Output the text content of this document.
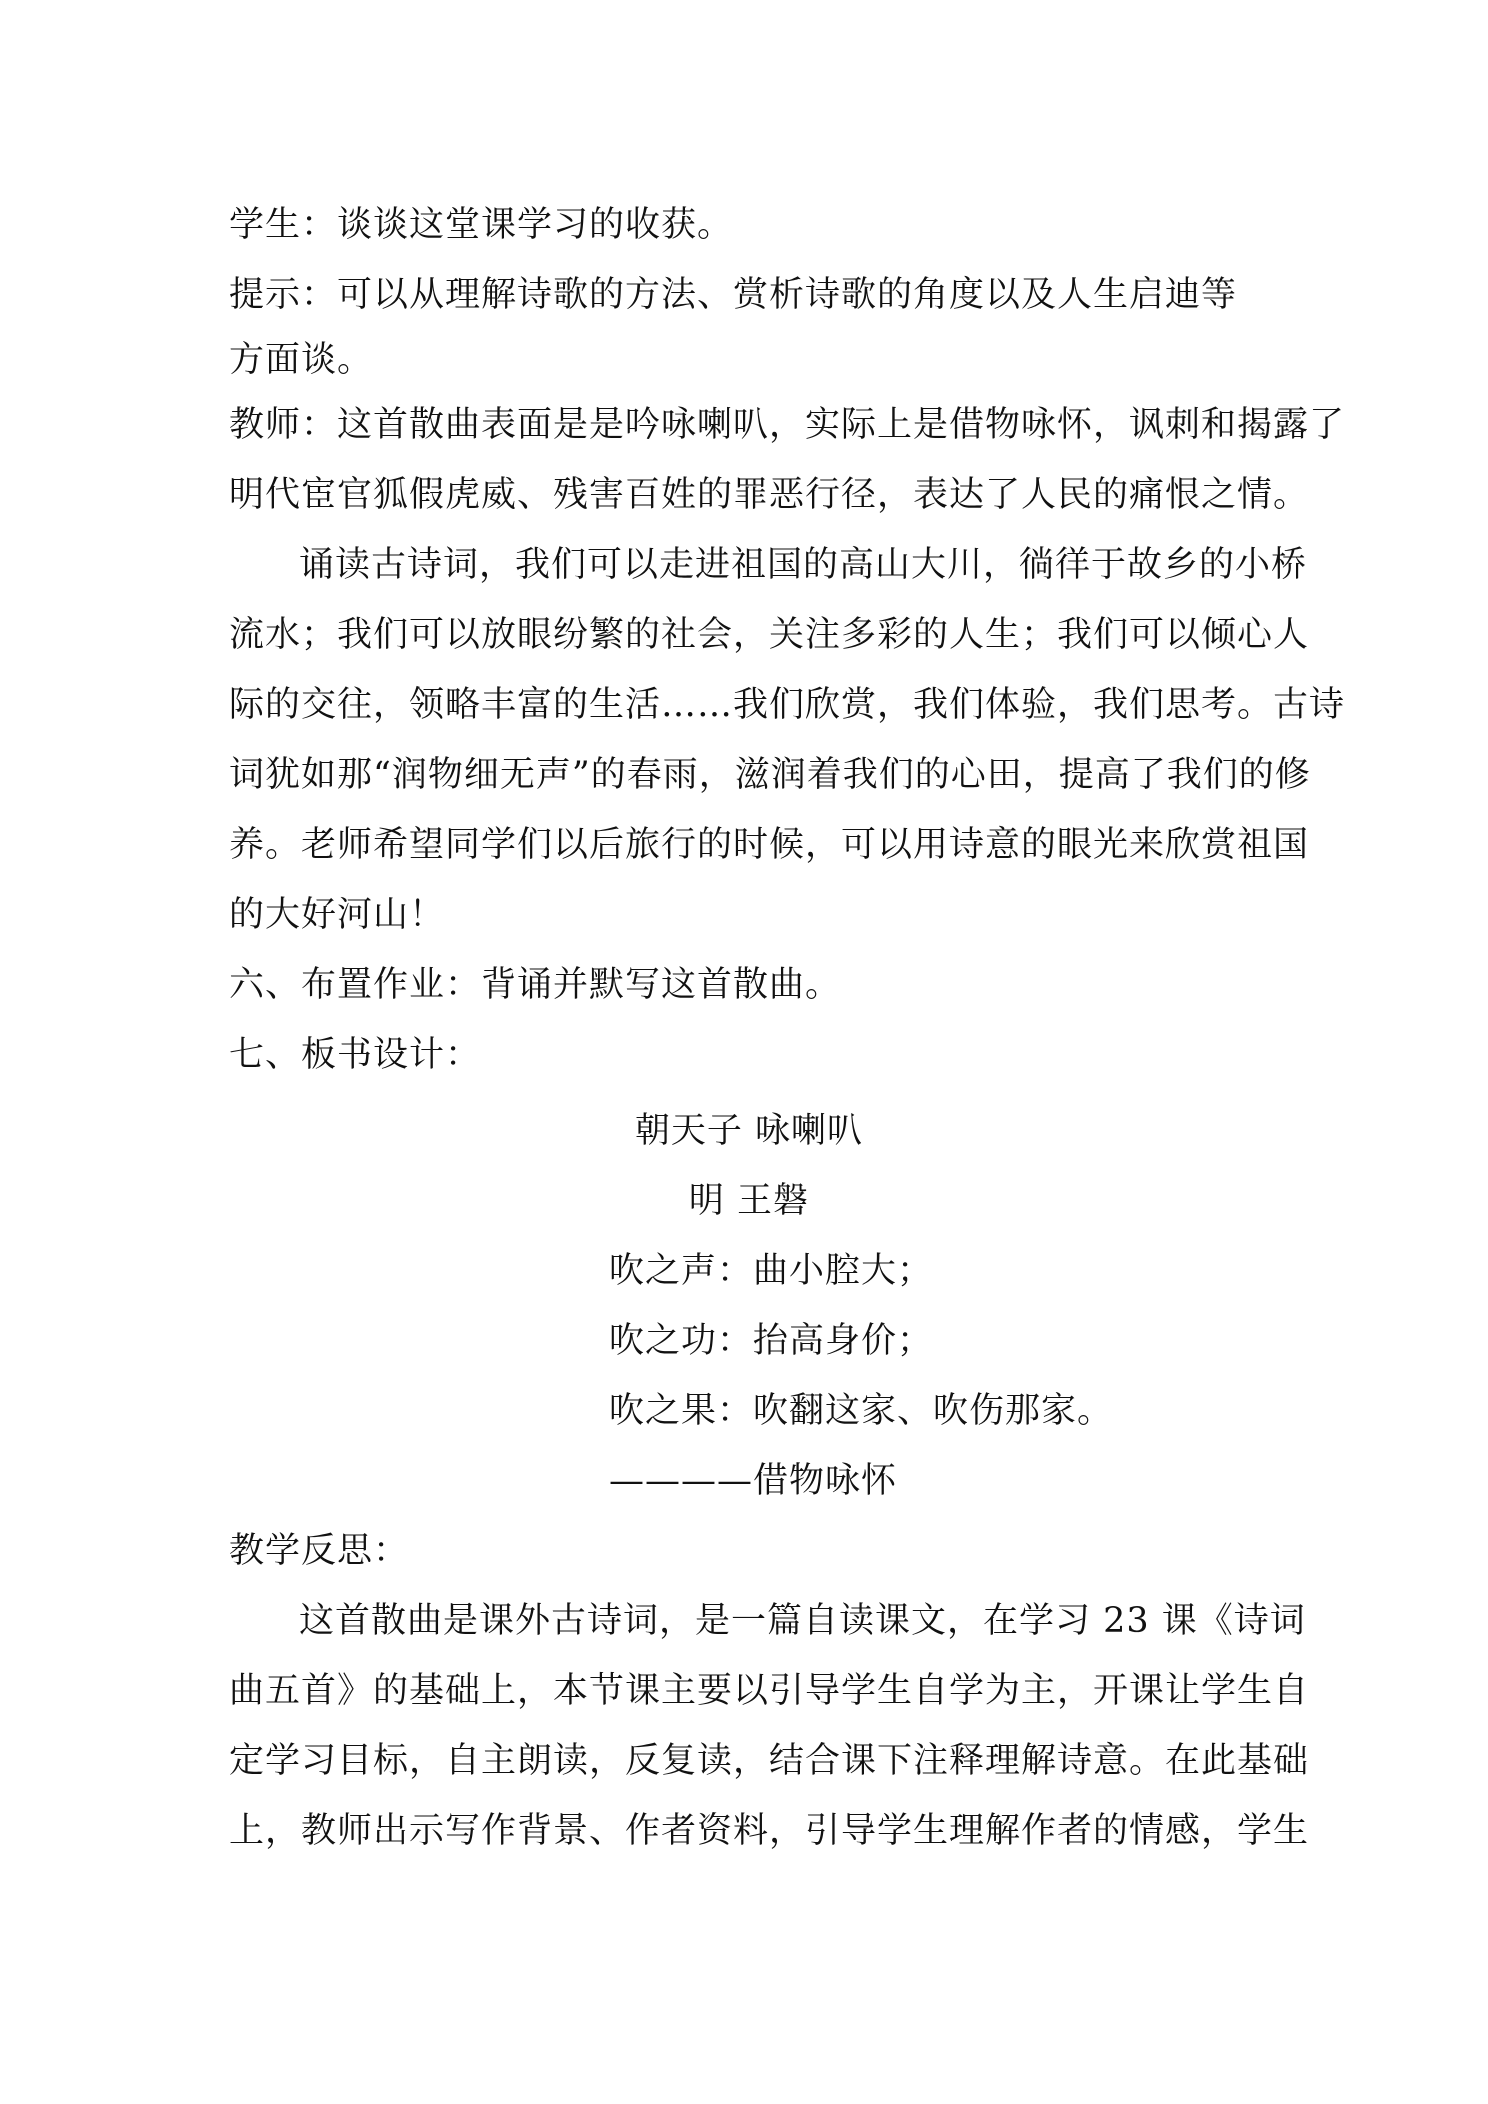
学生：谈谈这堂课学习的收获。
提示：可以从理解诗歌的方法、赏析诗歌的角度以及人生启迪等
方面谈。
教师：这首散曲表面是是吟咏喇叭，实际上是借物咏怀，讽刺和揭露了
明代宦官狐假虎威、残害百姓的罪恶行径，表达了人民的痛恨之情。
诵读古诗词，我们可以走进祖国的高山大川，徜徉于故乡的小桥
流水；我们可以放眼纷繁的社会，关注多彩的人生；我们可以倾心人
际的交往，领略丰富的生活……我们欣赏，我们体验，我们思考。古诗
词犹如那“润物细无声”的春雨，滋润着我们的心田，提高了我们的修
养。老师希望同学们以后旅行的时候，可以用诗意的眼光来欣赏祖国
的大好河山！
六、布置作业：背诵并默写这首散曲。
七、板书设计：
朝天子 咏喇叭
明 王磐
吹之声：曲小腔大；
吹之功：抬高身价；
吹之果：吹翻这家、吹伤那家。
————借物咏怀
教学反思：
这首散曲是课外古诗词，是一篇自读课文，在学习 23 课《诗词
曲五首》的基础上，本节课主要以引导学生自学为主，开课让学生自
定学习目标，自主朗读，反复读，结合课下注释理解诗意。在此基础
上，教师出示写作背景、作者资料，引导学生理解作者的情感，学生
